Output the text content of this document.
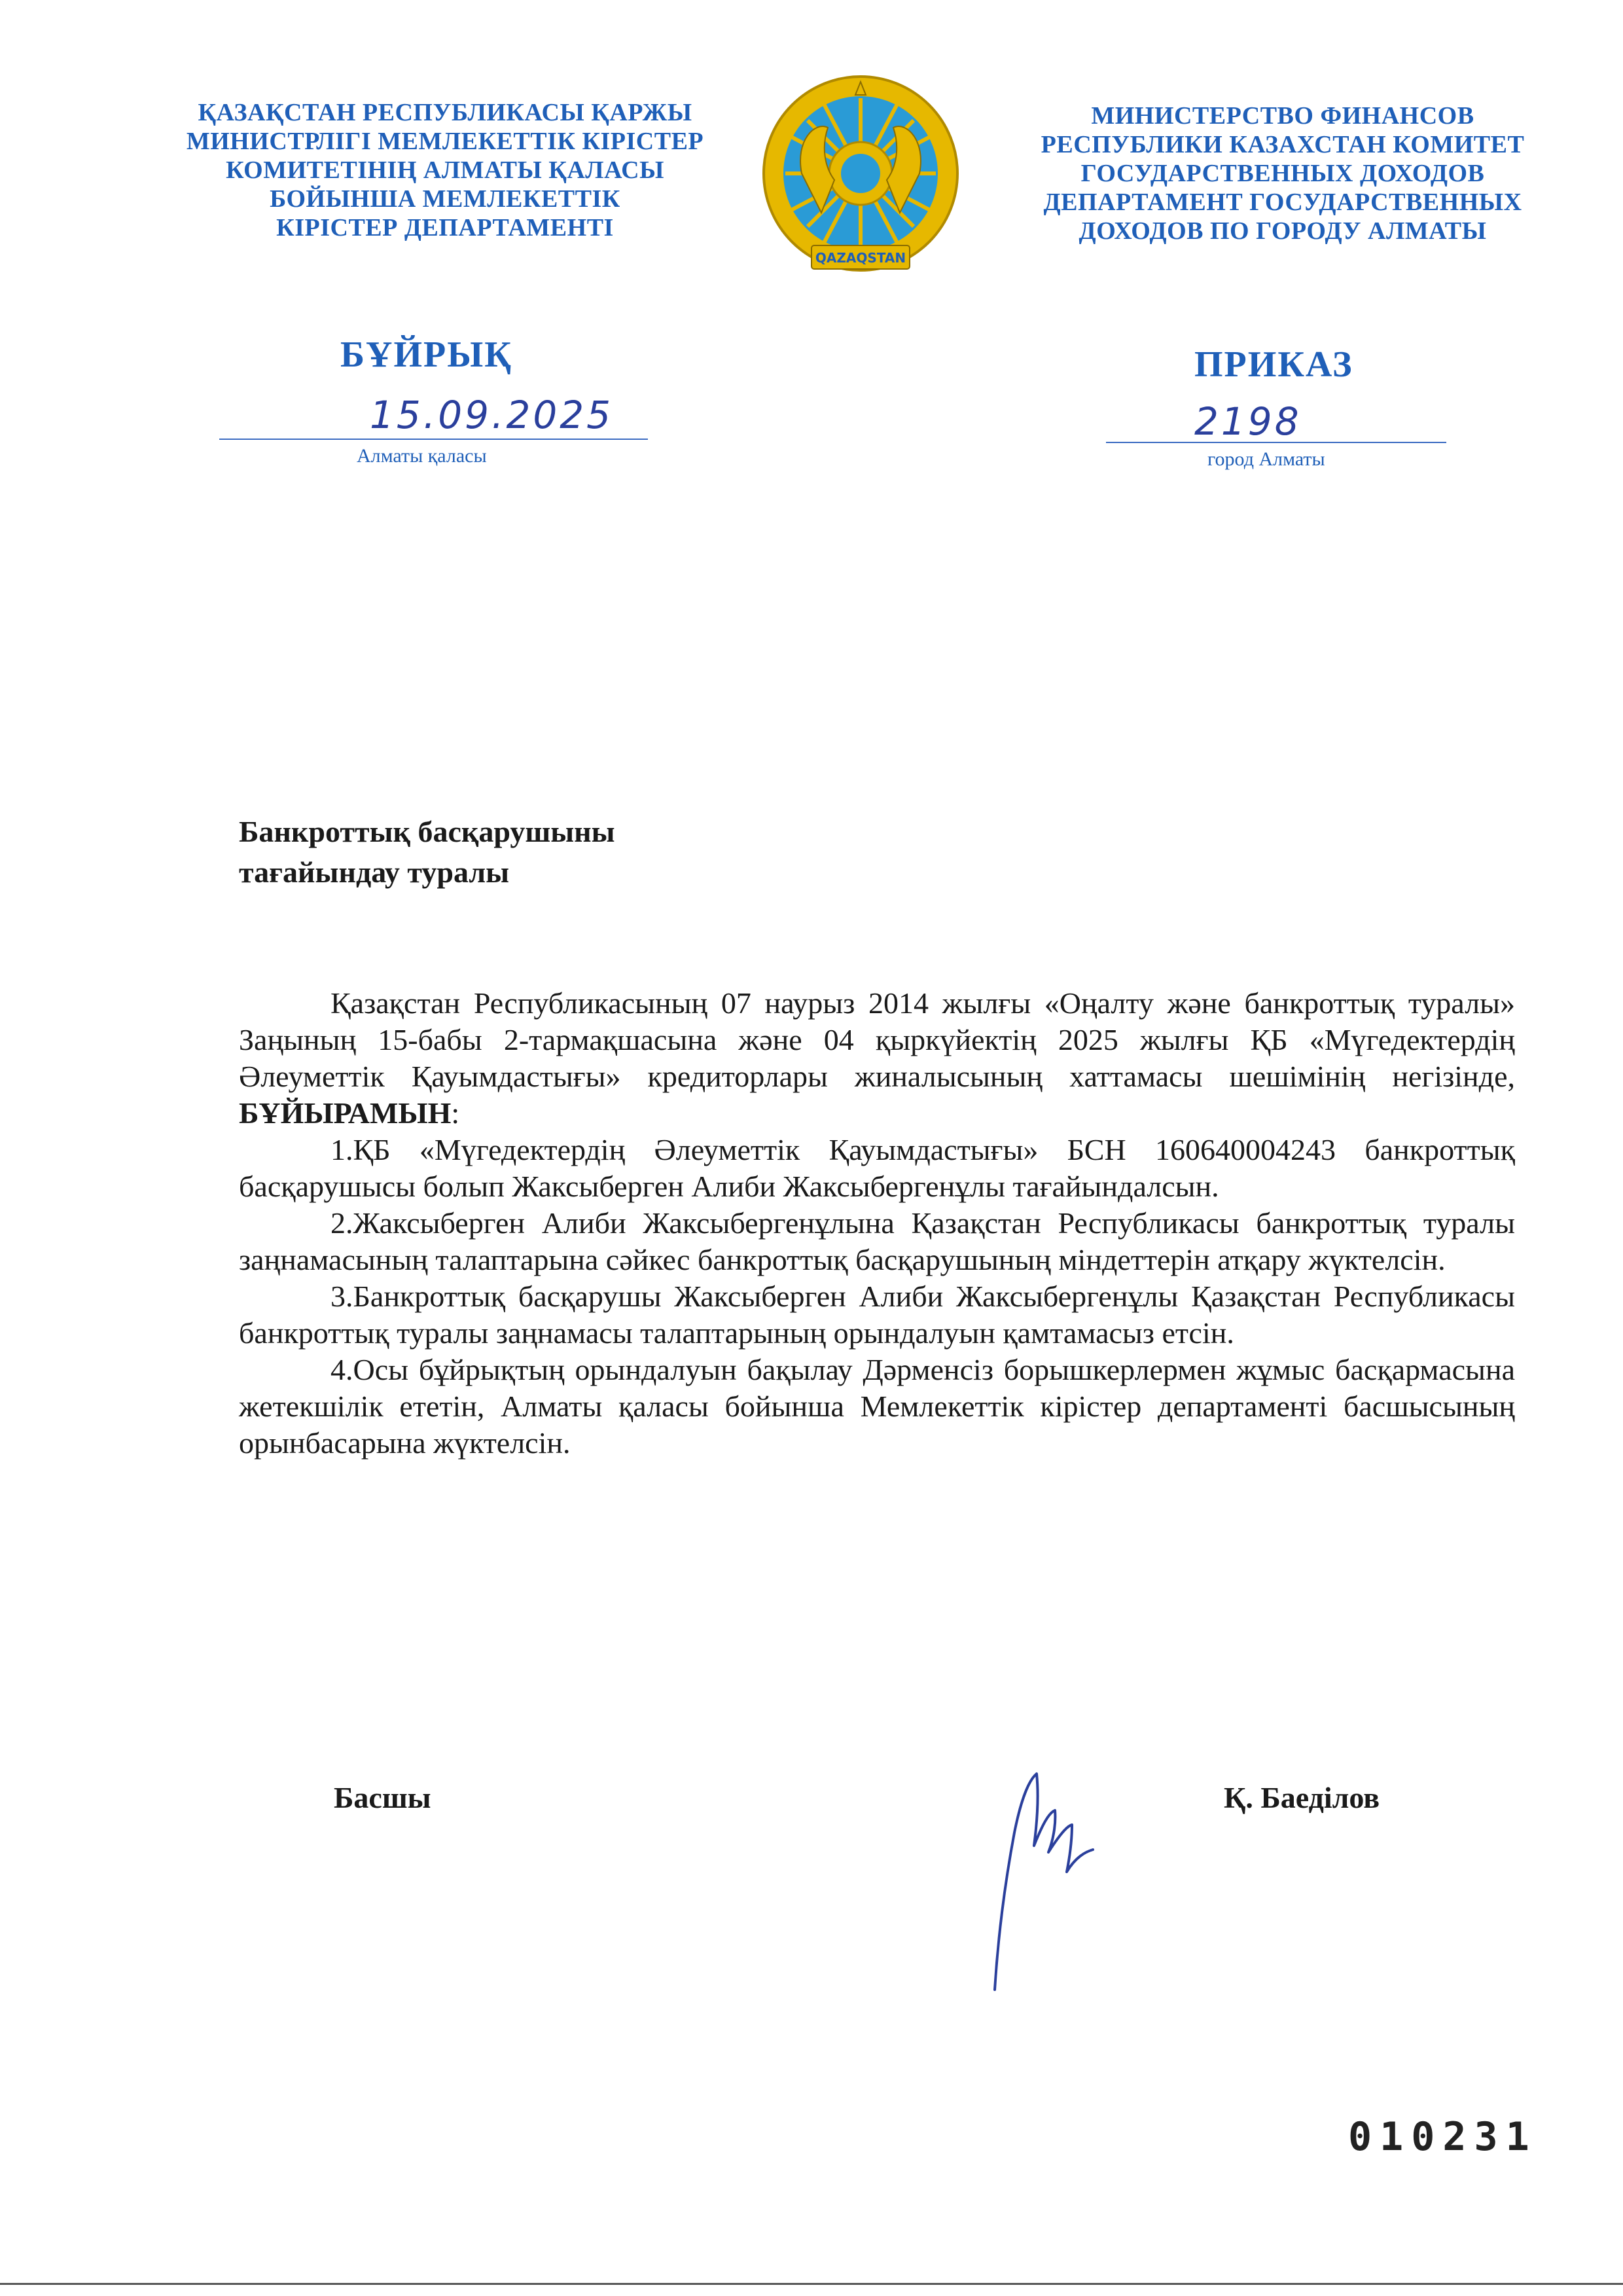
ҚАЗАҚСТАН РЕСПУБЛИКАСЫ ҚАРЖЫ
МИНИСТРЛІГІ МЕМЛЕКЕТТІК КІРІСТЕР
КОМИТЕТІНІҢ АЛМАТЫ ҚАЛАСЫ
БОЙЫНША МЕМЛЕКЕТТІК
КІРІСТЕР ДЕПАРТАМЕНТІ
QAZAQSTAN
МИНИСТЕРСТВО ФИНАНСОВ
РЕСПУБЛИКИ КАЗАХСТАН КОМИТЕТ
ГОСУДАРСТВЕННЫХ ДОХОДОВ
ДЕПАРТАМЕНТ ГОСУДАРСТВЕННЫХ
ДОХОДОВ ПО ГОРОДУ АЛМАТЫ
БҰЙРЫҚ	ПРИКАЗ
15.09.2025	2198
Алматы қаласы	город Алматы
Банкроттық басқарушыны
тағайындау туралы

Қазақстан Республикасының 07 наурыз 2014 жылғы «Оңалту және банкроттық туралы» Заңының 15-бабы 2-тармақшасына және 04 қыркүйектің 2025 жылғы ҚБ «Мүгедектердің Әлеуметтік Қауымдастығы» кредиторлары жиналысының хаттамасы шешімінің негізінде, БҰЙЫРАМЫН:

1.ҚБ «Мүгедектердің Әлеуметтік Қауымдастығы» БСН 160640004243 банкроттық басқарушысы болып Жаксыберген Алиби Жаксыбергенұлы тағайындалсын.

2.Жаксыберген Алиби Жаксыбергенұлына Қазақстан Республикасы банкроттық туралы заңнамасының талаптарына сәйкес банкроттық басқарушының міндеттерін атқару жүктелсін.

3.Банкроттық басқарушы Жаксыберген Алиби Жаксыбергенұлы Қазақстан Республикасы банкроттық туралы заңнамасы талаптарының орындалуын қамтамасыз етсін.

4.Осы бұйрықтың орындалуын бақылау Дәрменсіз борышкерлермен жұмыс басқармасына жетекшілік ететін, Алматы қаласы бойынша Мемлекеттік кірістер департаменті басшысының орынбасарына жүктелсін.

Басшы	Қ. Баеділов
010231
